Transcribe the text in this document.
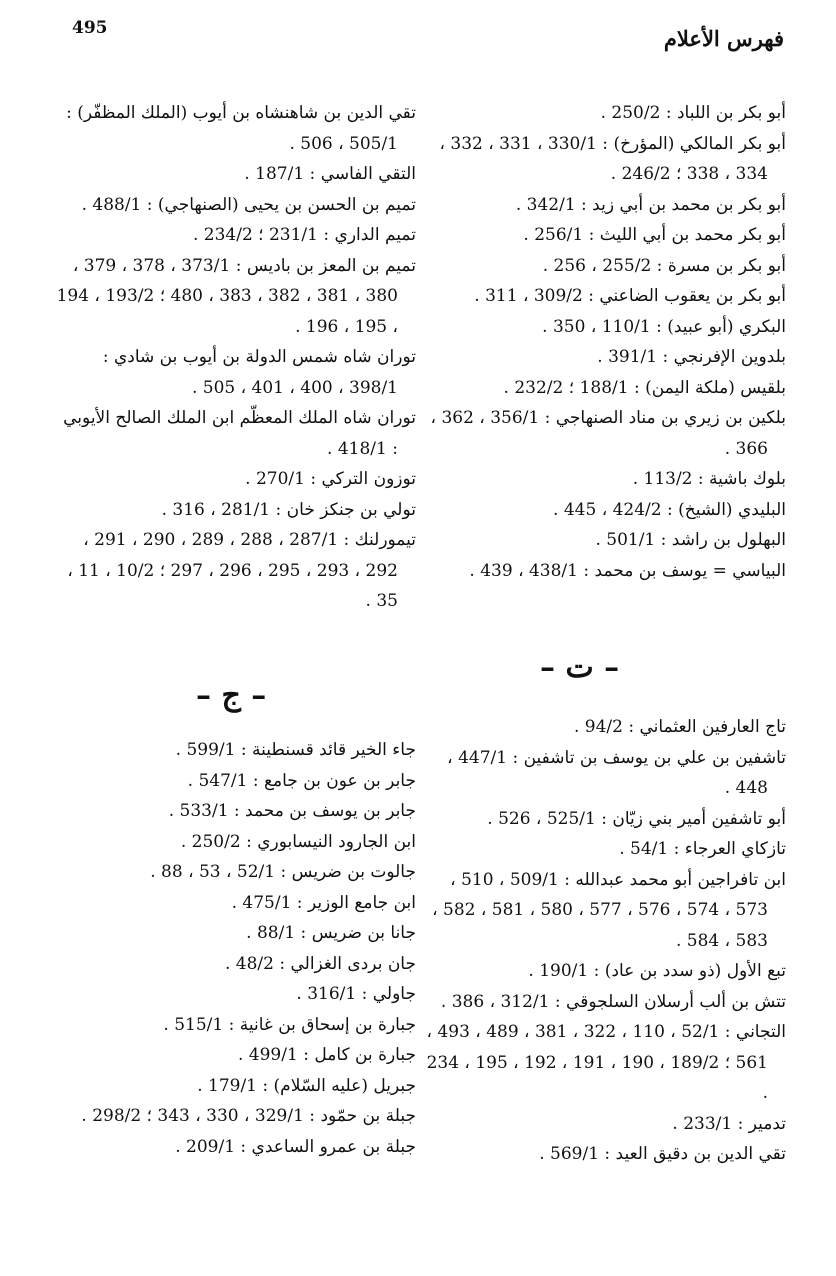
495	فهرس الأعلام
أبو بكر بن اللباد : 250/2 .
أبو بكر المالكي (المؤرخ) : 330/1 ، 331 ، 332 ، 334 ، 338 ؛ 246/2 .
أبو بكر بن محمد بن أبي زيد : 342/1 .
أبو بكر محمد بن أبي الليث : 256/1 .
أبو بكر بن مسرة : 255/2 ، 256 .
أبو بكر بن يعقوب الضاعني : 309/2 ، 311 .
البكري (أبو عبيد) : 110/1 ، 350 .
بلدوين الإفرنجي : 391/1 .
بلقيس (ملكة اليمن) : 188/1 ؛ 232/2 .
بلكين بن زيري بن مناد الصنهاجي : 356/1 ، 362 ، 366 .
بلوك باشية : 113/2 .
البليدي (الشيخ) : 424/2 ، 445 .
البهلول بن راشد : 501/1 .
البياسي = يوسف بن محمد : 438/1 ، 439 .
تقي الدين بن شاهنشاه بن أيوب (الملك المظفّر) : 505/1 ، 506 .
التقي الفاسي : 187/1 .
تميم بن الحسن بن يحيى (الصنهاجي) : 488/1 .
تميم الداري : 231/1 ؛ 234/2 .
تميم بن المعز بن باديس : 373/1 ، 378 ، 379 ، 380 ، 381 ، 382 ، 383 ، 480 ؛ 193/2 ، 194 ، 195 ، 196 .
توران شاه شمس الدولة بن أيوب بن شادي : 398/1 ، 400 ، 401 ، 505 .
توران شاه الملك المعظّم ابن الملك الصالح الأيوبي : 418/1 .
توزون التركي : 270/1 .
تولي بن جنكز خان : 281/1 ، 316 .
تيمورلنك : 287/1 ، 288 ، 289 ، 290 ، 291 ، 292 ، 293 ، 295 ، 296 ، 297 ؛ 10/2 ، 11 ، 35 .
– ت –
– ج –
تاج العارفين العثماني : 94/2 .
تاشفين بن علي بن يوسف بن تاشفين : 447/1 ، 448 .
أبو تاشفين أمير بني زيّان : 525/1 ، 526 .
تازكاي العرجاء : 54/1 .
ابن تافراجين أبو محمد عبدالله : 509/1 ، 510 ، 573 ، 574 ، 576 ، 577 ، 580 ، 581 ، 582 ، 583 ، 584 .
تبع الأول (ذو سدد بن عاد) : 190/1 .
تتش بن ألب أرسلان السلجوقي : 312/1 ، 386 .
التجاني : 52/1 ، 110 ، 322 ، 381 ، 489 ، 493 ، 561 ؛ 189/2 ، 190 ، 191 ، 192 ، 195 ، 234 .
تدمير : 233/1 .
تقي الدين بن دقيق العيد : 569/1 .
جاء الخير قائد قسنطينة : 599/1 .
جابر بن عون بن جامع : 547/1 .
جابر بن يوسف بن محمد : 533/1 .
ابن الجارود النيسابوري : 250/2 .
جالوت بن ضريس : 52/1 ، 53 ، 88 .
ابن جامع الوزير : 475/1 .
جانا بن ضريس : 88/1 .
جان بردى الغزالي : 48/2 .
جاولي : 316/1 .
جبارة بن إسحاق بن غانية : 515/1 .
جبارة بن كامل : 499/1 .
جبريل (عليه السّلام) : 179/1 .
جبلة بن حمّود : 329/1 ، 330 ، 343 ؛ 298/2 .
جبلة بن عمرو الساعدي : 209/1 .
